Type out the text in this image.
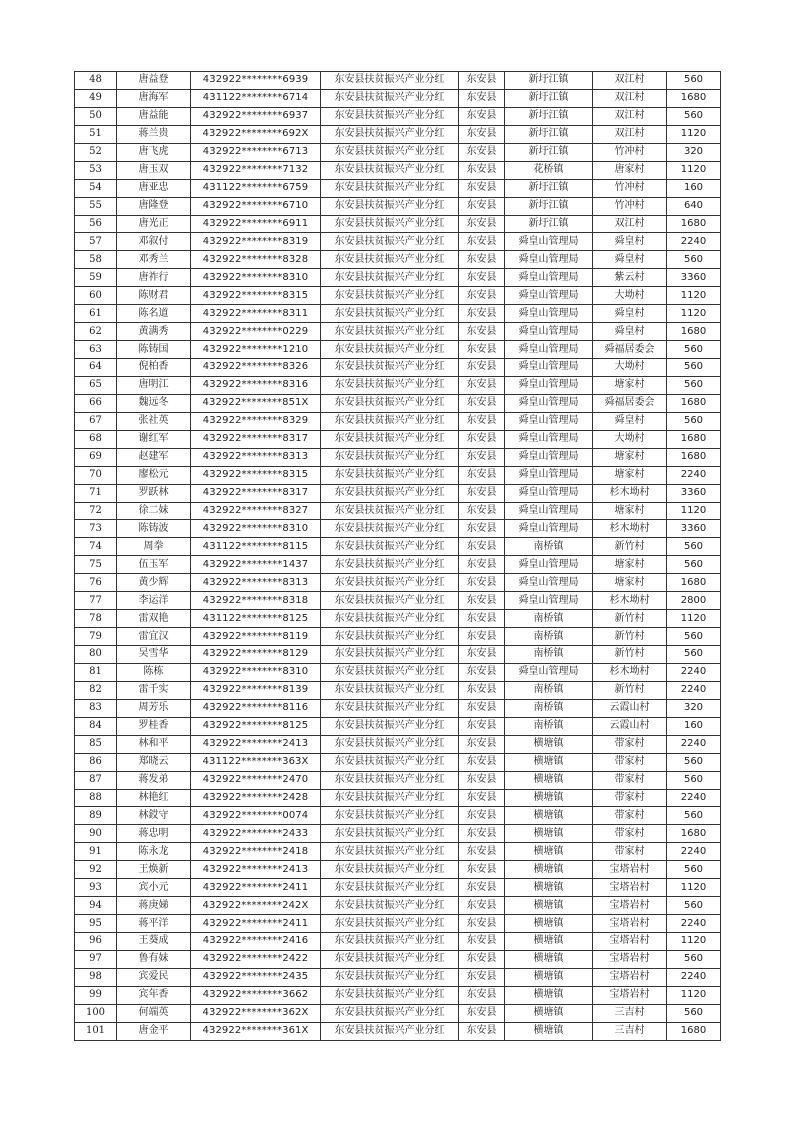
48	唐益登	432922********6939	东安县扶贫振兴产业分红	东安县	新圩江镇	双江村	560
49	唐海军	431122********6714	东安县扶贫振兴产业分红	东安县	新圩江镇	双江村	1680
50	唐益能	432922********6937	东安县扶贫振兴产业分红	东安县	新圩江镇	双江村	560
51	蒋兰贵	432922********692X	东安县扶贫振兴产业分红	东安县	新圩江镇	双江村	1120
52	唐飞虎	432922********6713	东安县扶贫振兴产业分红	东安县	新圩江镇	竹冲村	320
53	唐玉双	432922********7132	东安县扶贫振兴产业分红	东安县	花桥镇	唐家村	1120
54	唐亚忠	431122********6759	东安县扶贫振兴产业分红	东安县	新圩江镇	竹冲村	160
55	唐隆登	432922********6710	东安县扶贫振兴产业分红	东安县	新圩江镇	竹冲村	640
56	唐光正	432922********6911	东安县扶贫振兴产业分红	东安县	新圩江镇	双江村	1680
57	邓叙付	432922********8319	东安县扶贫振兴产业分红	东安县	舜皇山管理局	舜皇村	2240
58	邓秀兰	432922********8328	东安县扶贫振兴产业分红	东安县	舜皇山管理局	舜皇村	560
59	唐祚行	432922********8310	东安县扶贫振兴产业分红	东安县	舜皇山管理局	紫云村	3360
60	陈财君	432922********8315	东安县扶贫振兴产业分红	东安县	舜皇山管理局	大坳村	1120
61	陈名道	432922********8311	东安县扶贫振兴产业分红	东安县	舜皇山管理局	舜皇村	1120
62	黄满秀	432922********0229	东安县扶贫振兴产业分红	东安县	舜皇山管理局	舜皇村	1680
63	陈铸国	432922********1210	东安县扶贫振兴产业分红	东安县	舜皇山管理局	舜福居委会	560
64	倪柏香	432922********8326	东安县扶贫振兴产业分红	东安县	舜皇山管理局	大坳村	560
65	唐明江	432922********8316	东安县扶贫振兴产业分红	东安县	舜皇山管理局	塘家村	560
66	魏远冬	432922********851X	东安县扶贫振兴产业分红	东安县	舜皇山管理局	舜福居委会	1680
67	张社英	432922********8329	东安县扶贫振兴产业分红	东安县	舜皇山管理局	舜皇村	560
68	谢红军	432922********8317	东安县扶贫振兴产业分红	东安县	舜皇山管理局	大坳村	1680
69	赵建军	432922********8313	东安县扶贫振兴产业分红	东安县	舜皇山管理局	塘家村	1680
70	廖松元	432922********8315	东安县扶贫振兴产业分红	东安县	舜皇山管理局	塘家村	2240
71	罗跃林	432922********8317	东安县扶贫振兴产业分红	东安县	舜皇山管理局	杉木坳村	3360
72	徐二妹	432922********8327	东安县扶贫振兴产业分红	东安县	舜皇山管理局	塘家村	1120
73	陈铸波	432922********8310	东安县扶贫振兴产业分红	东安县	舜皇山管理局	杉木坳村	3360
74	周拳	431122********8115	东安县扶贫振兴产业分红	东安县	南桥镇	新竹村	560
75	伍玉军	432922********1437	东安县扶贫振兴产业分红	东安县	舜皇山管理局	塘家村	560
76	黄少辉	432922********8313	东安县扶贫振兴产业分红	东安县	舜皇山管理局	塘家村	1680
77	李运洋	432922********8318	东安县扶贫振兴产业分红	东安县	舜皇山管理局	杉木坳村	2800
78	雷双艳	431122********8125	东安县扶贫振兴产业分红	东安县	南桥镇	新竹村	1120
79	雷宜汉	432922********8119	东安县扶贫振兴产业分红	东安县	南桥镇	新竹村	560
80	吴雪华	432922********8129	东安县扶贫振兴产业分红	东安县	南桥镇	新竹村	560
81	陈栋	432922********8310	东安县扶贫振兴产业分红	东安县	舜皇山管理局	杉木坳村	2240
82	雷千实	432922********8139	东安县扶贫振兴产业分红	东安县	南桥镇	新竹村	2240
83	周芳乐	432922********8116	东安县扶贫振兴产业分红	东安县	南桥镇	云霞山村	320
84	罗桂香	432922********8125	东安县扶贫振兴产业分红	东安县	南桥镇	云霞山村	160
85	林和平	432922********2413	东安县扶贫振兴产业分红	东安县	横塘镇	带家村	2240
86	郑晓云	431122********363X	东安县扶贫振兴产业分红	东安县	横塘镇	带家村	560
87	蒋发弟	432922********2470	东安县扶贫振兴产业分红	东安县	横塘镇	带家村	560
88	林艳红	432922********2428	东安县扶贫振兴产业分红	东安县	横塘镇	带家村	2240
89	林銰守	432922********0074	东安县扶贫振兴产业分红	东安县	横塘镇	带家村	560
90	蒋忠明	432922********2433	东安县扶贫振兴产业分红	东安县	横塘镇	带家村	1680
91	陈永龙	432922********2418	东安县扶贫振兴产业分红	东安县	横塘镇	带家村	2240
92	王焕新	432922********2413	东安县扶贫振兴产业分红	东安县	横塘镇	宝塔岩村	560
93	宾小元	432922********2411	东安县扶贫振兴产业分红	东安县	横塘镇	宝塔岩村	1120
94	蒋庚娣	432922********242X	东安县扶贫振兴产业分红	东安县	横塘镇	宝塔岩村	560
95	蒋平洋	432922********2411	东安县扶贫振兴产业分红	东安县	横塘镇	宝塔岩村	2240
96	王葵成	432922********2416	东安县扶贫振兴产业分红	东安县	横塘镇	宝塔岩村	1120
97	鲁有妹	432922********2422	东安县扶贫振兴产业分红	东安县	横塘镇	宝塔岩村	560
98	宾爱民	432922********2435	东安县扶贫振兴产业分红	东安县	横塘镇	宝塔岩村	2240
99	宾年香	432922********3662	东安县扶贫振兴产业分红	东安县	横塘镇	宝塔岩村	1120
100	何端英	432922********362X	东安县扶贫振兴产业分红	东安县	横塘镇	三吉村	560
101	唐金平	432922********361X	东安县扶贫振兴产业分红	东安县	横塘镇	三吉村	1680
